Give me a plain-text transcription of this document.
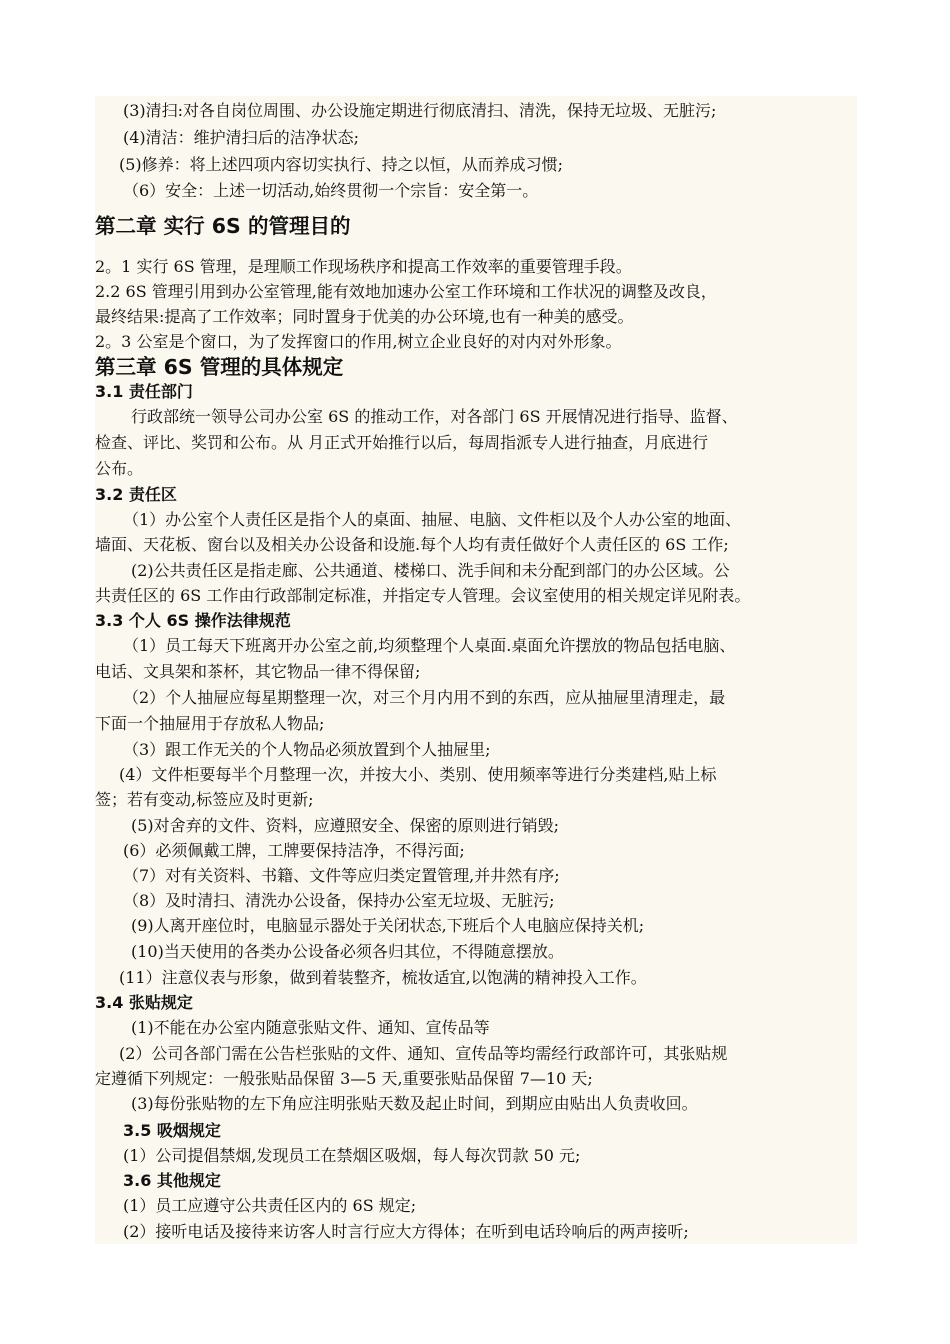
(3)清扫:对各自岗位周围、办公设施定期进行彻底清扫、清洗，保持无垃圾、无脏污;
(4)清洁：维护清扫后的洁净状态;
(5)修养：将上述四项内容切实执行、持之以恒，从而养成习惯;
（6）安全：上述一切活动,始终贯彻一个宗旨：安全第一。
第二章 实行 6S 的管理目的
2。1 实行 6S 管理，是理顺工作现场秩序和提高工作效率的重要管理手段。
2.2 6S 管理引用到办公室管理,能有效地加速办公室工作环境和工作状况的调整及改良，
最终结果:提高了工作效率；同时置身于优美的办公环境,也有一种美的感受。
2。3 公室是个窗口，为了发挥窗口的作用,树立企业良好的对内对外形象。
第三章 6S 管理的具体规定
3.1 责任部门
行政部统一领导公司办公室 6S 的推动工作，对各部门 6S 开展情况进行指导、监督、
检查、评比、奖罚和公布。从 月正式开始推行以后，每周指派专人进行抽查，月底进行
公布。
3.2 责任区
（1）办公室个人责任区是指个人的桌面、抽屉、电脑、文件柜以及个人办公室的地面、
墙面、天花板、窗台以及相关办公设备和设施.每个人均有责任做好个人责任区的 6S 工作;
(2)公共责任区是指走廊、公共通道、楼梯口、洗手间和未分配到部门的办公区域。公
共责任区的 6S 工作由行政部制定标准，并指定专人管理。会议室使用的相关规定详见附表。
3.3 个人 6S 操作法律规范
（1）员工每天下班离开办公室之前,均须整理个人桌面.桌面允许摆放的物品包括电脑、
电话、文具架和茶杯，其它物品一律不得保留;
（2）个人抽屉应每星期整理一次，对三个月内用不到的东西，应从抽屉里清理走，最
下面一个抽屉用于存放私人物品;
（3）跟工作无关的个人物品必须放置到个人抽屉里;
(4）文件柜要每半个月整理一次，并按大小、类别、使用频率等进行分类建档,贴上标
签；若有变动,标签应及时更新;
(5)对舍弃的文件、资料，应遵照安全、保密的原则进行销毁;
(6）必须佩戴工牌，工牌要保持洁净，不得污面;
（7）对有关资料、书籍、文件等应归类定置管理,并井然有序;
（8）及时清扫、清洗办公设备，保持办公室无垃圾、无脏污;
(9)人离开座位时，电脑显示器处于关闭状态,下班后个人电脑应保持关机;
(10)当天使用的各类办公设备必须各归其位，不得随意摆放。
(11）注意仪表与形象，做到着装整齐，梳妆适宜,以饱满的精神投入工作。
3.4 张贴规定
(1)不能在办公室内随意张贴文件、通知、宣传品等
(2）公司各部门需在公告栏张贴的文件、通知、宣传品等均需经行政部许可，其张贴规
定遵循下列规定：一般张贴品保留 3—5 天,重要张贴品保留 7—10 天;
(3)每份张贴物的左下角应注明张贴天数及起止时间，到期应由贴出人负责收回。
3.5 吸烟规定
(1）公司提倡禁烟,发现员工在禁烟区吸烟，每人每次罚款 50 元;
3.6 其他规定
(1）员工应遵守公共责任区内的 6S 规定;
(2）接听电话及接待来访客人时言行应大方得体；在听到电话玲响后的两声接听;
